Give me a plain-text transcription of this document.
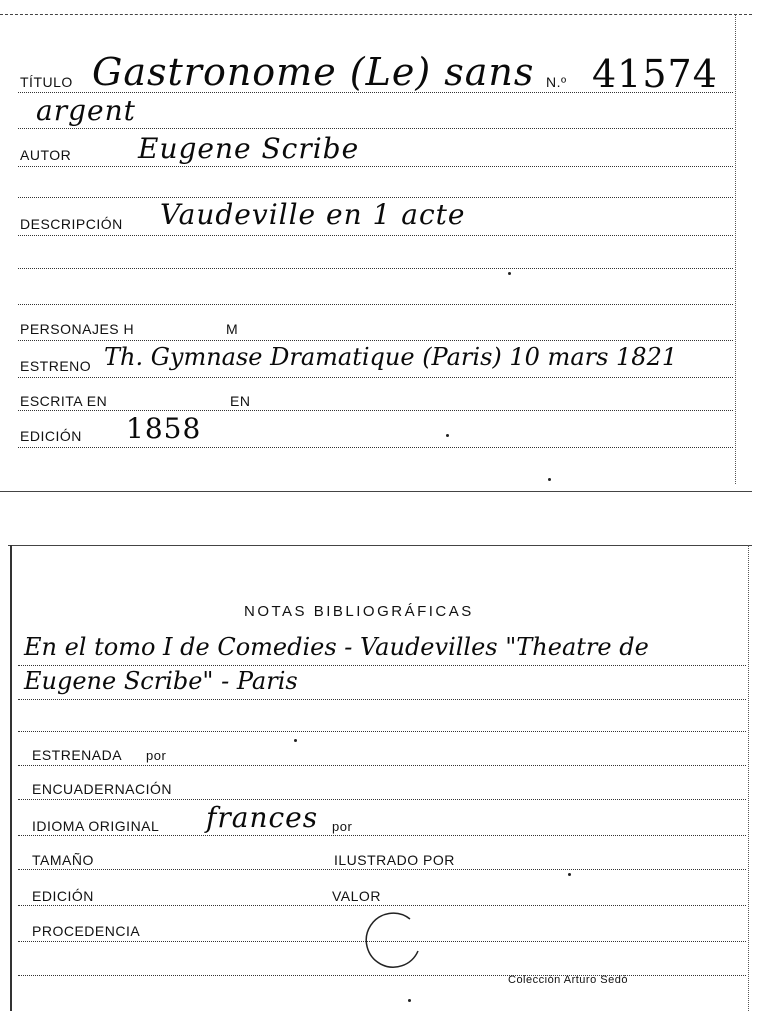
TÍTULO Gastronome (Le) sans N.º 41574
argent
AUTOR Eugene Scribe
DESCRIPCIÓN Vaudeville en 1 acte
PERSONAJES H	M
ESTRENO Th. Gymnase Dramatique (Paris) 10 mars 1821
ESCRITA EN	EN
EDICIÓN 1858
NOTAS BIBLIOGRÁFICAS
En el tomo I de Comedies - Vaudevilles "Theatre de
Eugene Scribe" - Paris
ESTRENADA por
ENCUADERNACIÓN
IDIOMA ORIGINAL frances por
TAMAÑO	ILUSTRADO POR
EDICIÓN	VALOR
PROCEDENCIA
Colección Arturo Sedó
